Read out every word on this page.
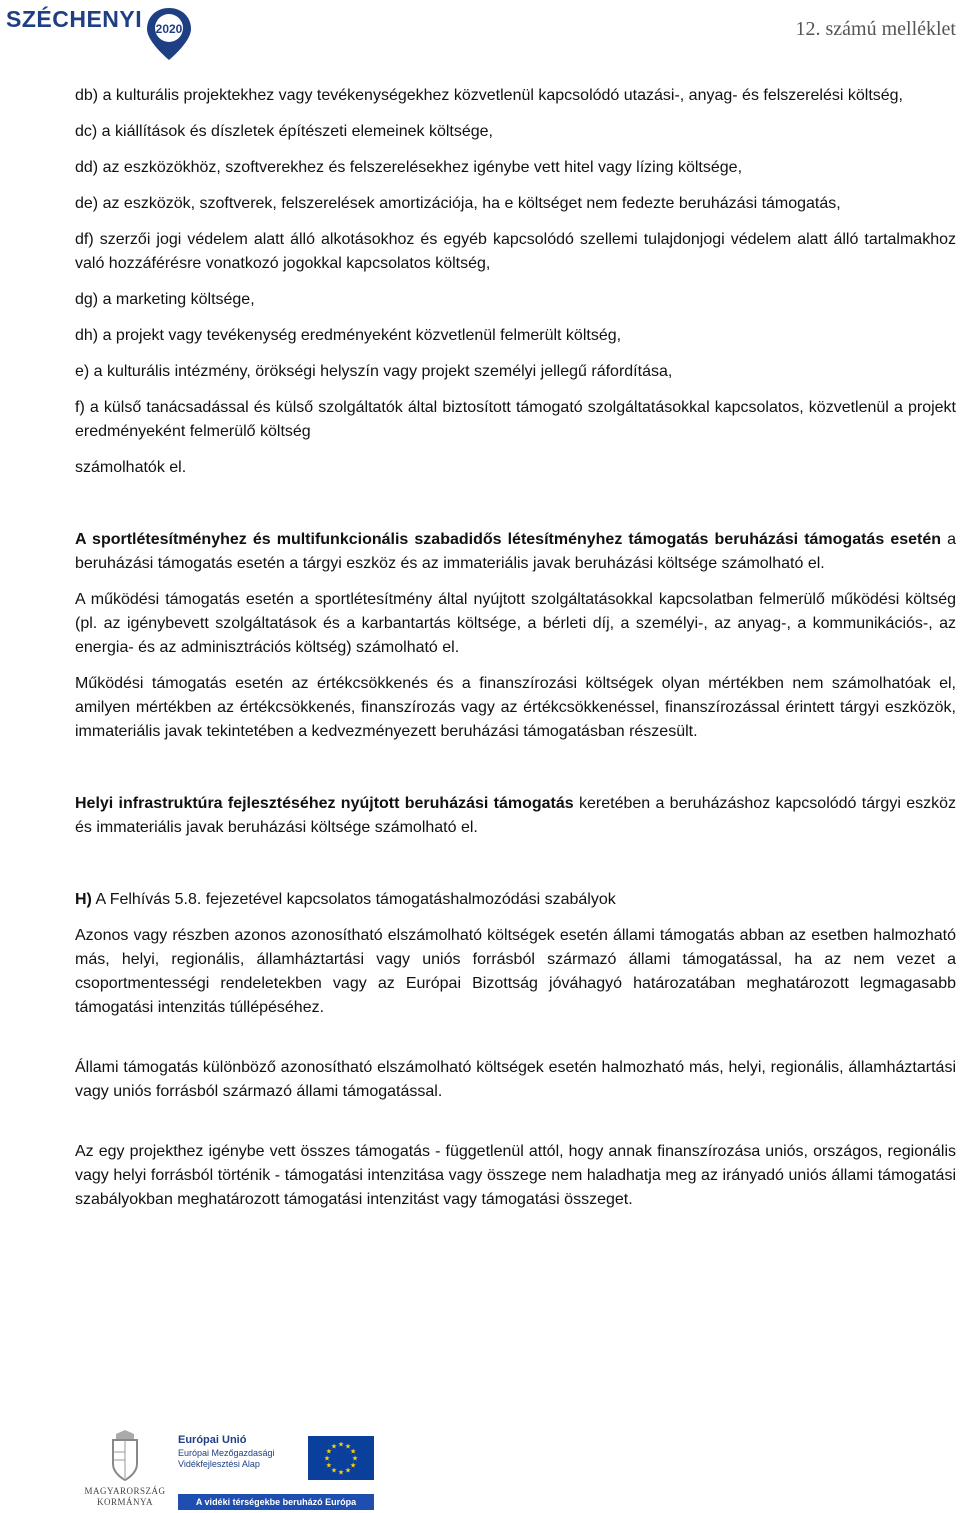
SZÉCHENYI 2020	12. számú melléklet

db) a kulturális projektekhez vagy tevékenységekhez közvetlenül kapcsolódó utazási-, anyag- és felszerelési költség,

dc) a kiállítások és díszletek építészeti elemeinek költsége,

dd) az eszközökhöz, szoftverekhez és felszerelésekhez igénybe vett hitel vagy lízing költsége,

de) az eszközök, szoftverek, felszerelések amortizációja, ha e költséget nem fedezte beruházási támogatás,

df) szerzői jogi védelem alatt álló alkotásokhoz és egyéb kapcsolódó szellemi tulajdonjogi védelem alatt álló tartalmakhoz való hozzáférésre vonatkozó jogokkal kapcsolatos költség,

dg) a marketing költsége,

dh) a projekt vagy tevékenység eredményeként közvetlenül felmerült költség,

e) a kulturális intézmény, örökségi helyszín vagy projekt személyi jellegű ráfordítása,

f) a külső tanácsadással és külső szolgáltatók által biztosított támogató szolgáltatásokkal kapcsolatos, közvetlenül a projekt eredményeként felmerülő költség

számolhatók el.

A sportlétesítményhez és multifunkcionális szabadidős létesítményhez támogatás beruházási támogatás esetén a beruházási támogatás esetén a tárgyi eszköz és az immateriális javak beruházási költsége számolható el.

A működési támogatás esetén a sportlétesítmény által nyújtott szolgáltatásokkal kapcsolatban felmerülő működési költség (pl. az igénybevett szolgáltatások és a karbantartás költsége, a bérleti díj, a személyi-, az anyag-, a kommunikációs-, az energia- és az adminisztrációs költség) számolható el.

Működési támogatás esetén az értékcsökkenés és a finanszírozási költségek olyan mértékben nem számolhatóak el, amilyen mértékben az értékcsökkenés, finanszírozás vagy az értékcsökkenéssel, finanszírozással érintett tárgyi eszközök, immateriális javak tekintetében a kedvezményezett beruházási támogatásban részesült.

Helyi infrastruktúra fejlesztéséhez nyújtott beruházási támogatás keretében a beruházáshoz kapcsolódó tárgyi eszköz és immateriális javak beruházási költsége számolható el.

H) A Felhívás 5.8. fejezetével kapcsolatos támogatáshalmozódási szabályok

Azonos vagy részben azonos azonosítható elszámolható költségek esetén állami támogatás abban az esetben halmozható más, helyi, regionális, államháztartási vagy uniós forrásból származó állami támogatással, ha az nem vezet a csoportmentességi rendeletekben vagy az Európai Bizottság jóváhagyó határozatában meghatározott legmagasabb támogatási intenzitás túllépéséhez.

Állami támogatás különböző azonosítható elszámolható költségek esetén halmozható más, helyi, regionális, államháztartási vagy uniós forrásból származó állami támogatással.

Az egy projekthez igénybe vett összes támogatás - függetlenül attól, hogy annak finanszírozása uniós, országos, regionális vagy helyi forrásból történik - támogatási intenzitása vagy összege nem haladhatja meg az irányadó uniós állami támogatási szabályokban meghatározott támogatási intenzitást vagy támogatási összeget.

MAGYARORSZÁG
KORMÁNYA
Európai Unió
Európai Mezőgazdasági
Vidékfejlesztési Alap
★ ★
★
★
★
★
★
★
★
★
★
★
A vidéki térségekbe beruházó Európa
